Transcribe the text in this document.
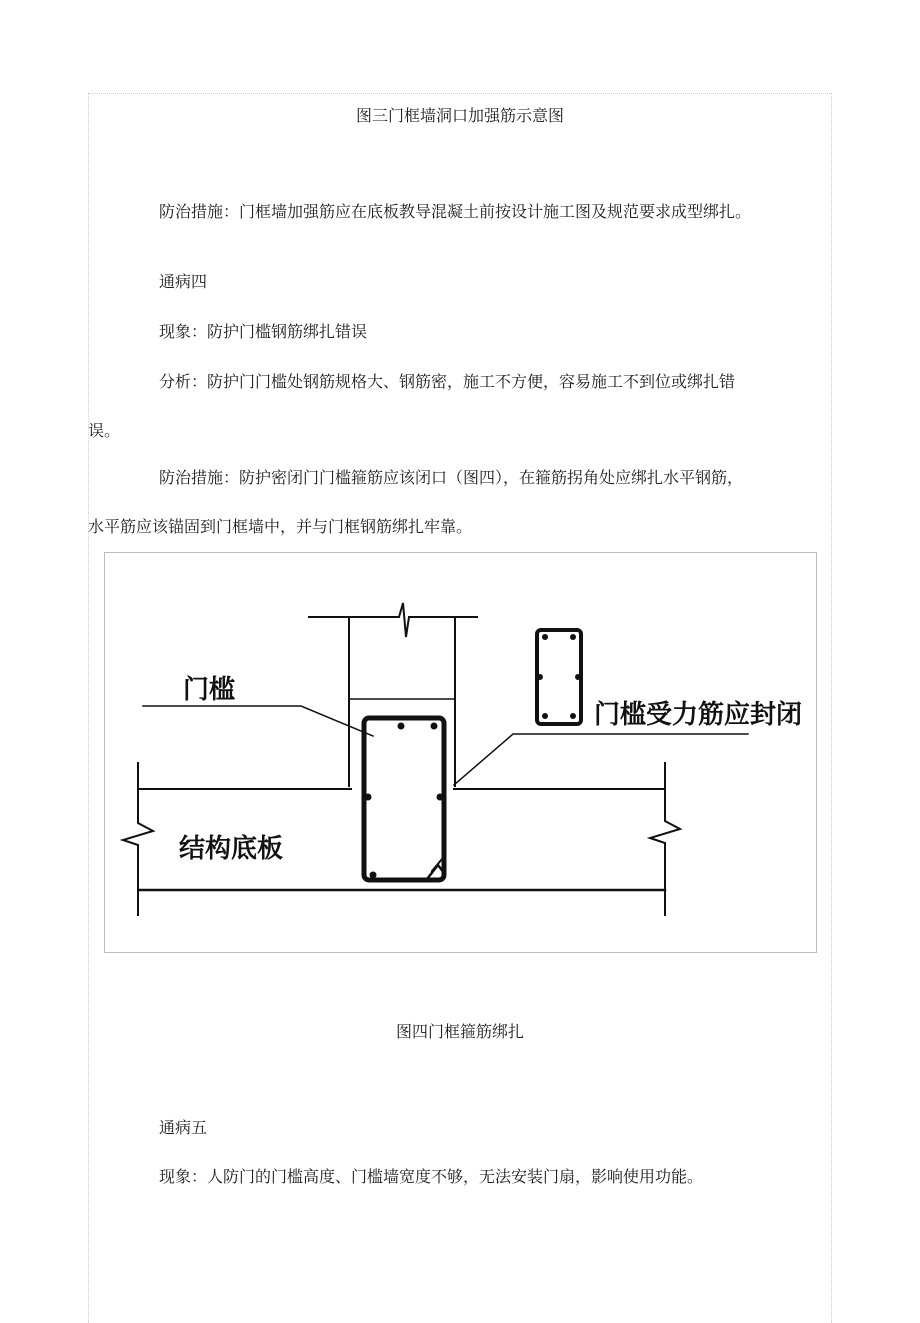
图三门框墙洞口加强筋示意图
防治措施：门框墙加强筋应在底板教导混凝土前按设计施工图及规范要求成型绑扎。
通病四
现象：防护门槛钢筋绑扎错误
分析：防护门门槛处钢筋规格大、钢筋密，施工不方便，容易施工不到位或绑扎错
误。
防治措施：防护密闭门门槛箍筋应该闭口（图四），在箍筋拐角处应绑扎水平钢筋，
水平筋应该锚固到门框墙中，并与门框钢筋绑扎牢靠。
门槛
门槛受力筋应封闭
结构底板
图四门框箍筋绑扎
通病五
现象：人防门的门槛高度、门槛墙宽度不够，无法安装门扇，影响使用功能。
